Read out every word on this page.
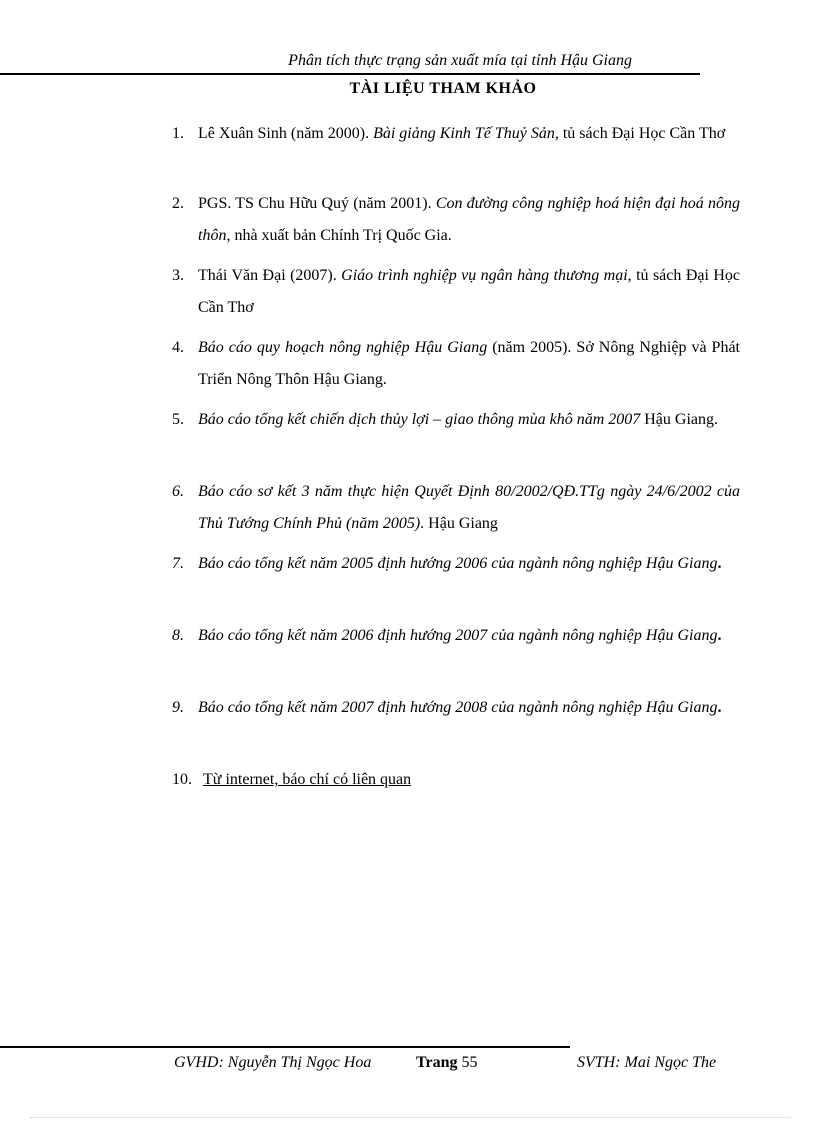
Phân tích thực trạng sản xuất mía tại tỉnh Hậu Giang
TÀI LIỆU THAM KHẢO
1. Lê Xuân Sinh (năm 2000). Bài giảng Kinh Tế Thuỷ Sản, tủ sách Đại Học Cần Thơ
2. PGS. TS Chu Hữu Quý (năm 2001). Con đường công nghiệp hoá hiện đại hoá nông thôn, nhà xuất bản Chính Trị Quốc Gia.
3. Thái Văn Đại (2007). Giáo trình nghiệp vụ ngân hàng thương mại, tủ sách Đại Học Cần Thơ
4. Báo cáo quy hoạch nông nghiệp Hậu Giang (năm 2005). Sở Nông Nghiệp và Phát Triển Nông Thôn Hậu Giang.
5. Báo cáo tổng kết chiến dịch thủy lợi – giao thông mùa khô năm 2007 Hậu Giang.
6. Báo cáo sơ kết 3 năm thực hiện Quyết Định 80/2002/QĐ.TTg ngày 24/6/2002 của Thủ Tướng Chính Phủ (năm 2005). Hậu Giang
7. Báo cáo tổng kết năm 2005 định hướng 2006 của ngành nông nghiệp Hậu Giang.
8. Báo cáo tổng kết năm 2006 định hướng 2007 của ngành nông nghiệp Hậu Giang.
9. Báo cáo tổng kết năm 2007 định hướng 2008 của ngành nông nghiệp Hậu Giang.
10. Từ internet, báo chí có liên quan
GVHD: Nguyễn Thị Ngọc Hoa	Trang 55	SVTH: Mai Ngọc The
